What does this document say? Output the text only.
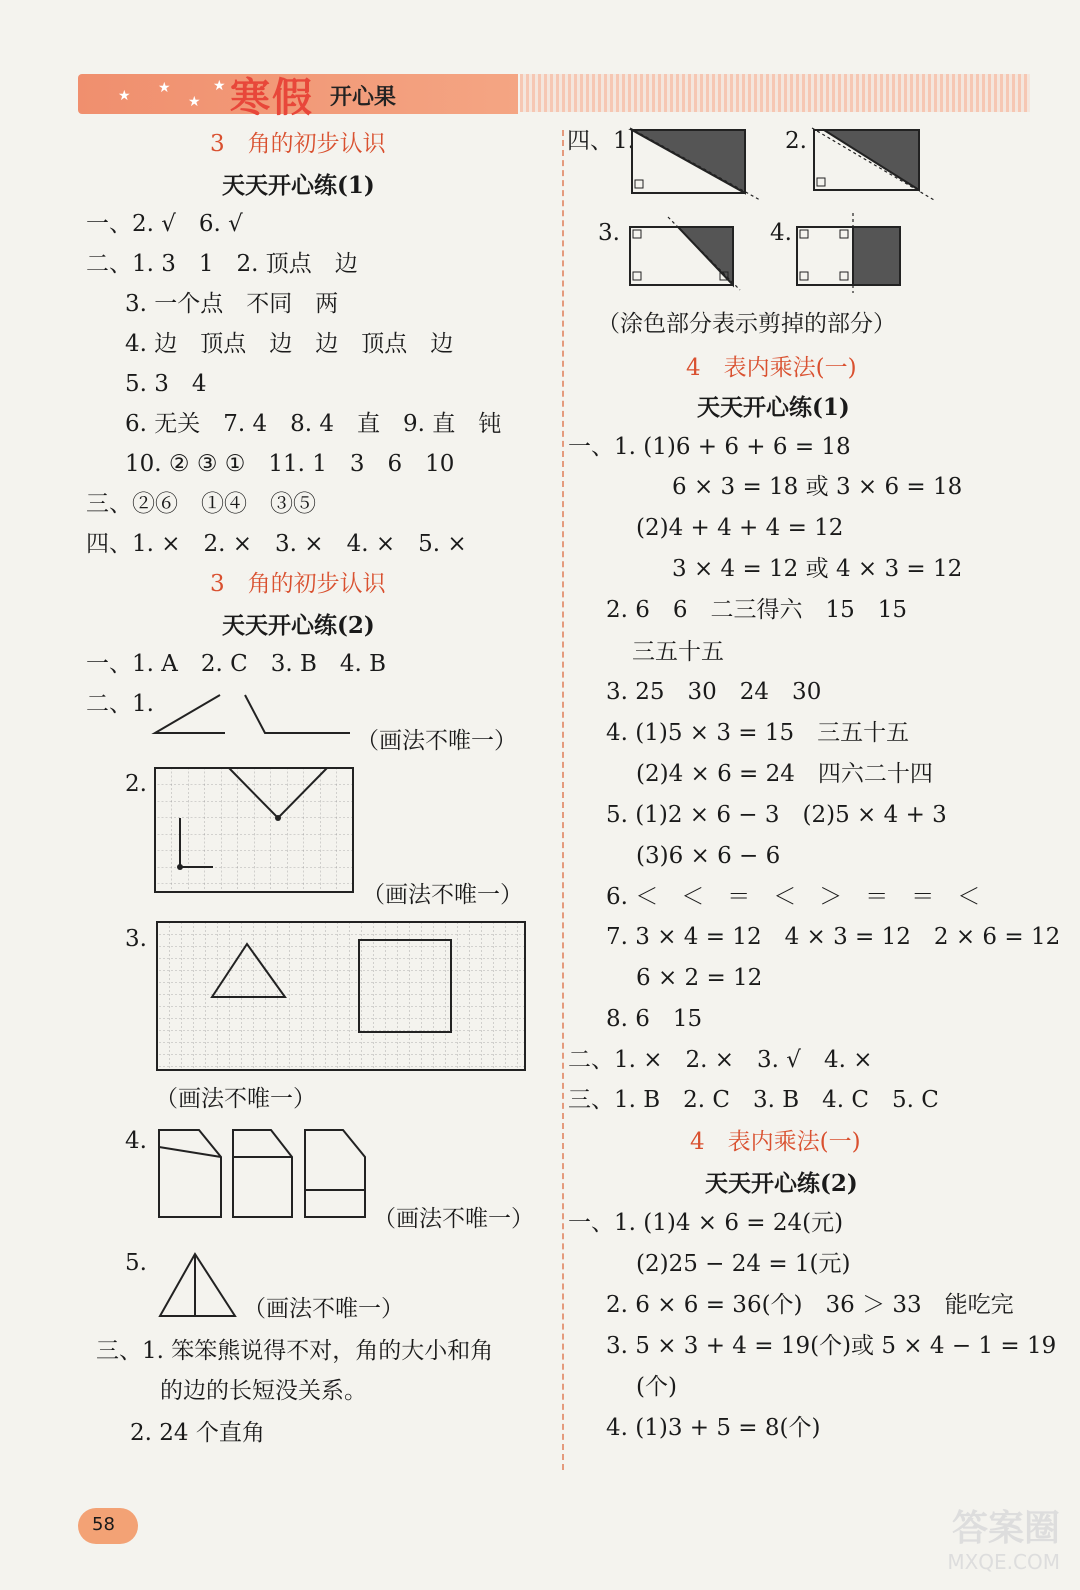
★ ★
★
★ 寒假 开心果
3　角的初步认识
天天开心练(1)
一、2. √　6. √
二、1. 3　1　2. 顶点　边
3. 一个点　不同　两
4. 边　顶点　边　边　顶点　边
5. 3　4
6. 无关　7. 4　8. 4　直　9. 直　钝
10. ② ③ ①　11. 1　3　6　10
三、②⑥　①④　③⑤
四、1. ×　2. ×　3. ×　4. ×　5. ×
3　角的初步认识
天天开心练(2)
一、1. A　2. C　3. B　4. B
二、1.
（画法不唯一）
2.
（画法不唯一）
3.
（画法不唯一）
4.
（画法不唯一）
5.
（画法不唯一）
三、1. 笨笨熊说得不对，角的大小和角
的边的长短没关系。
2. 24 个直角
四、1.	2.
3.	4.
（涂色部分表示剪掉的部分）
4　表内乘法(一)
天天开心练(1)
一、1. (1)6 + 6 + 6 = 18
6 × 3 = 18 或 3 × 6 = 18
(2)4 + 4 + 4 = 12
3 × 4 = 12 或 4 × 3 = 12
2. 6　6　二三得六　15　15
三五十五
3. 25　30　24　30
4. (1)5 × 3 = 15　三五十五
(2)4 × 6 = 24　四六二十四
5. (1)2 × 6 − 3　(2)5 × 4 + 3
(3)6 × 6 − 6
6. ＜　＜　＝　＜　＞　＝　＝　＜
7. 3 × 4 = 12　4 × 3 = 12　2 × 6 = 12
6 × 2 = 12
8. 6　15
二、1. ×　2. ×　3. √　4. ×
三、1. B　2. C　3. B　4. C　5. C
4　表内乘法(一)
天天开心练(2)
一、1. (1)4 × 6 = 24(元)
(2)25 − 24 = 1(元)
2. 6 × 6 = 36(个)　36 ＞ 33　能吃完
3. 5 × 3 + 4 = 19(个)或 5 × 4 − 1 = 19
(个)
4. (1)3 + 5 = 8(个)
58	答案圈
MXQE.COM
